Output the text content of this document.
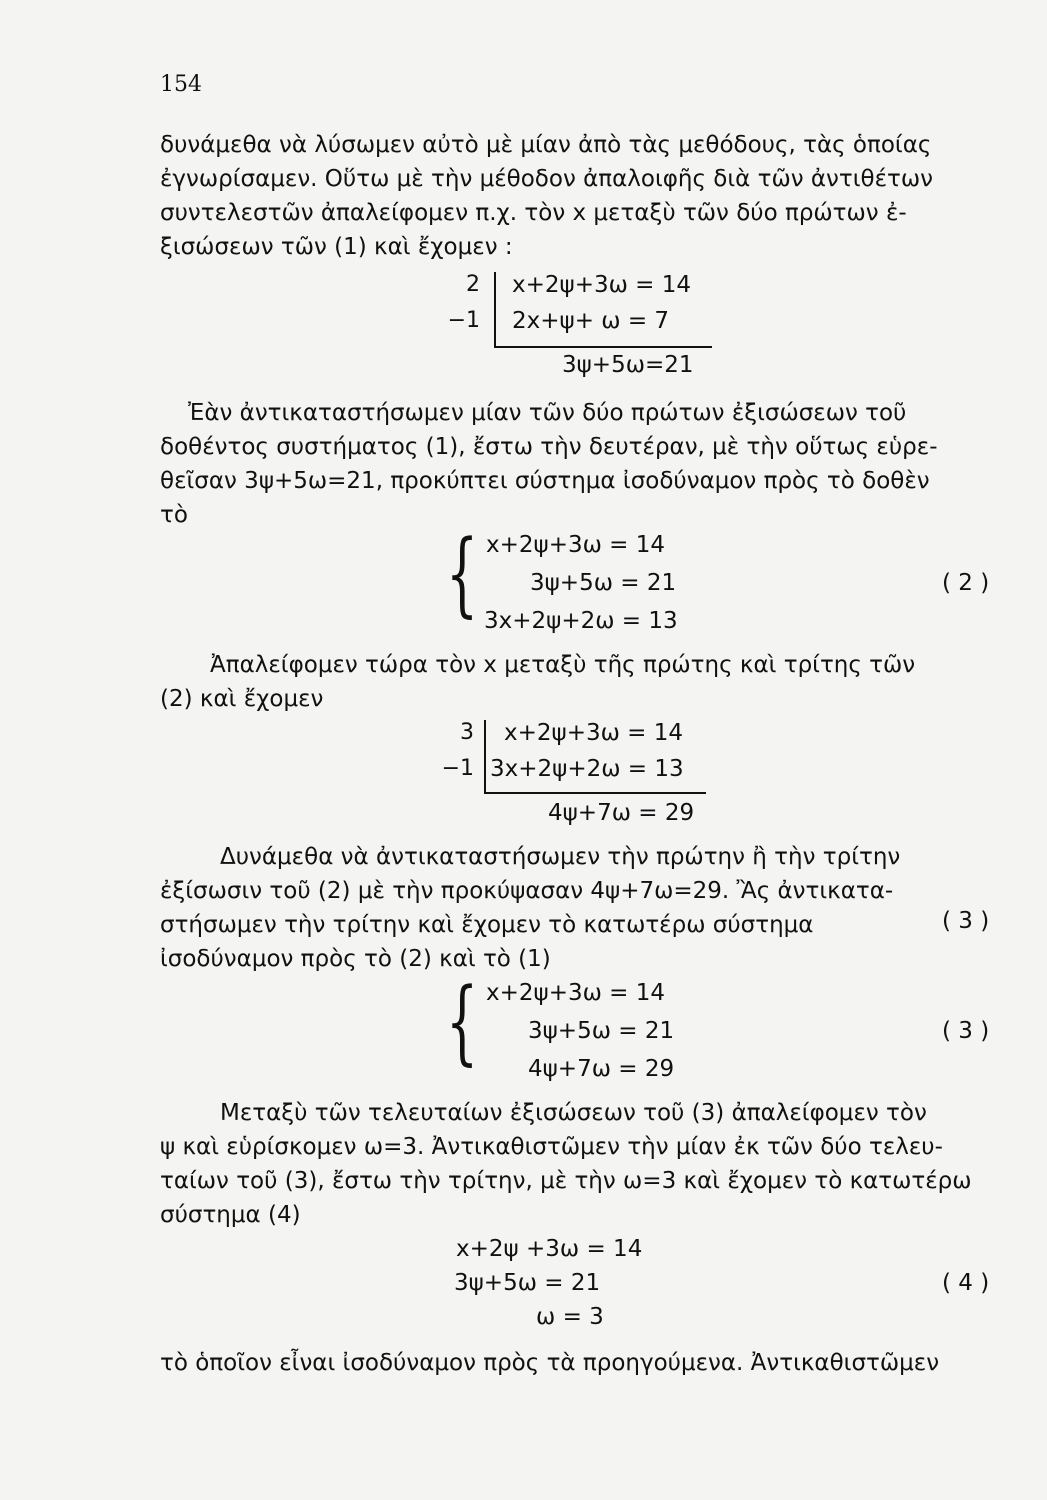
154
δυνάμεθα νὰ λύσωμεν αὐτὸ μὲ μίαν ἀπὸ τὰς μεθόδους, τὰς ὁποίας
ἐγνωρίσαμεν. Οὕτω μὲ τὴν μέθοδον ἀπαλοιφῆς διὰ τῶν ἀντιθέτων
συντελεστῶν ἀπαλείφομεν π.χ. τὸν x μεταξὺ τῶν δύο πρώτων ἐ-
ξισώσεων τῶν (1) καὶ ἔχομεν :
2
−1
x+2ψ+3ω = 14
2x+ψ+ ω = 7
3ψ+5ω=21
Ἐὰν ἀντικαταστήσωμεν μίαν τῶν δύο πρώτων ἐξισώσεων τοῦ
δοθέντος συστήματος (1), ἔστω τὴν δευτέραν, μὲ τὴν οὕτως εὑρε-
θεῖσαν 3ψ+5ω=21, προκύπτει σύστημα ἰσοδύναμον πρὸς τὸ δοθὲν
τὸ
{ x+2ψ+3ω = 14
3ψ+5ω = 21
3x+2ψ+2ω = 13
( 2 )
Ἀπαλείφομεν τώρα τὸν x μεταξὺ τῆς πρώτης καὶ τρίτης τῶν
(2) καὶ ἔχομεν
3
−1
x+2ψ+3ω = 14
3x+2ψ+2ω = 13
4ψ+7ω = 29
Δυνάμεθα νὰ ἀντικαταστήσωμεν τὴν πρώτην ἢ τὴν τρίτην
ἐξίσωσιν τοῦ (2) μὲ τὴν προκύψασαν 4ψ+7ω=29. Ἂς ἀντικατα-
στήσωμεν τὴν τρίτην καὶ ἔχομεν τὸ κατωτέρω σύστημα
ἰσοδύναμον πρὸς τὸ (2) καὶ τὸ (1)
( 3 )
{ x+2ψ+3ω = 14
3ψ+5ω = 21
4ψ+7ω = 29
( 3 )
Μεταξὺ τῶν τελευταίων ἐξισώσεων τοῦ (3) ἀπαλείφομεν τὸν
ψ καὶ εὑρίσκομεν ω=3. Ἀντικαθιστῶμεν τὴν μίαν ἐκ τῶν δύο τελευ-
ταίων τοῦ (3), ἔστω τὴν τρίτην, μὲ τὴν ω=3 καὶ ἔχομεν τὸ κατωτέρω
σύστημα (4)
x+2ψ +3ω = 14
3ψ+5ω = 21
ω = 3
( 4 )
τὸ ὁποῖον εἶναι ἰσοδύναμον πρὸς τὰ προηγούμενα. Ἀντικαθιστῶμεν
